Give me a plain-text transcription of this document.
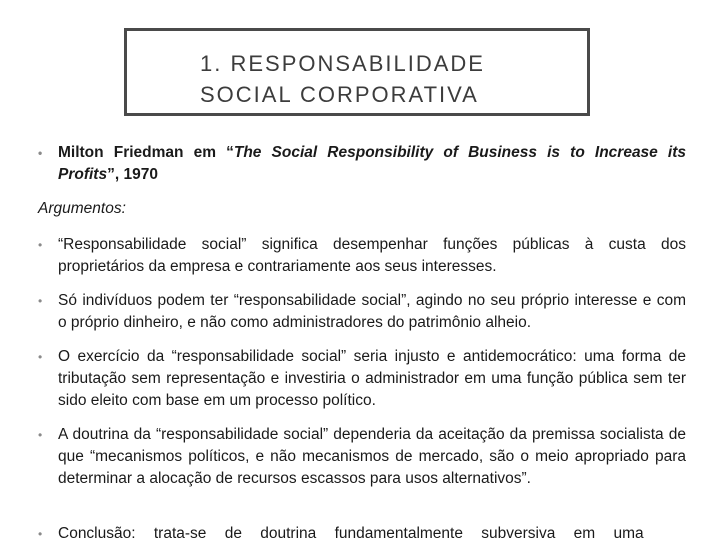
1. RESPONSABILIDADE
SOCIAL CORPORATIVA
• Milton Friedman em “The Social Responsibility of Business is to Increase its Profits”, 1970
Argumentos:
• “Responsabilidade social” significa desempenhar funções públicas à custa dos proprietários da empresa e contrariamente aos seus interesses.
• Só indivíduos podem ter “responsabilidade social”, agindo no seu próprio interesse e com o próprio dinheiro, e não como administradores do patrimônio alheio.
• O exercício da “responsabilidade social” seria injusto e antidemocrático: uma forma de tributação sem representação e investiria o administrador em uma função pública sem ter sido eleito com base em um processo político.
• A doutrina da “responsabilidade social” dependeria da aceitação da premissa socialista de que “mecanismos políticos, e não mecanismos de mercado, são o meio apropriado para determinar a alocação de recursos escassos para usos alternativos”.
• Conclusão: trata-se de doutrina fundamentalmente subversiva em uma
